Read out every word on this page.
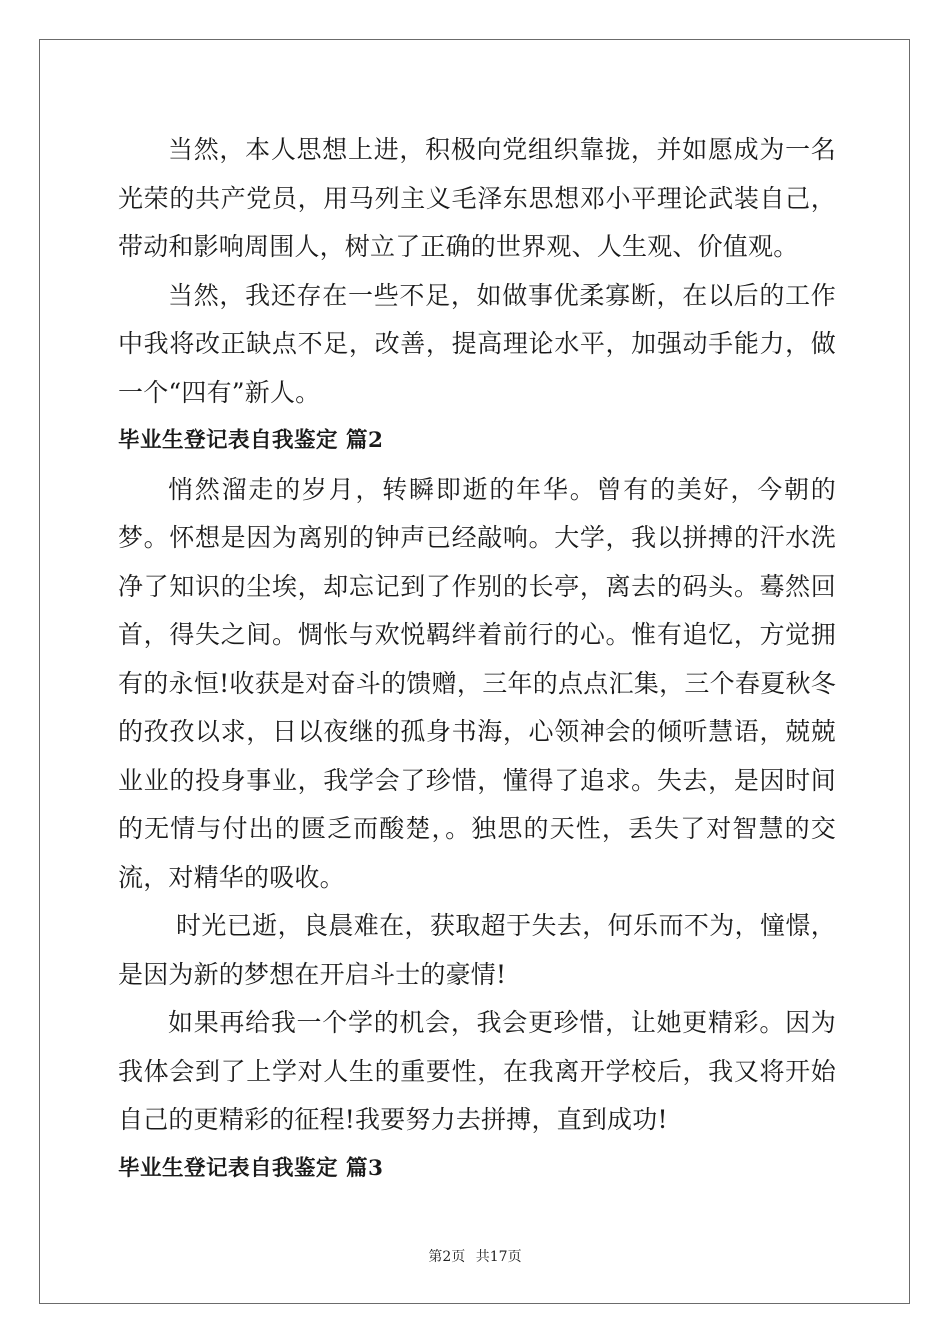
当然，本人思想上进，积极向党组织靠拢，并如愿成为一名光荣的共产党员，用马列主义毛泽东思想邓小平理论武装自己，带动和影响周围人，树立了正确的世界观、人生观、价值观。

当然，我还存在一些不足，如做事优柔寡断，在以后的工作中我将改正缺点不足，改善，提高理论水平，加强动手能力，做一个“四有”新人。

毕业生登记表自我鉴定 篇2

悄然溜走的岁月，转瞬即逝的年华。曾有的美好，今朝的梦。怀想是因为离别的钟声已经敲响。大学，我以拼搏的汗水洗净了知识的尘埃，却忘记到了作别的长亭，离去的码头。蓦然回首，得失之间。惆怅与欢悦羁绊着前行的心。惟有追忆，方觉拥有的永恒!收获是对奋斗的馈赠，三年的点点汇集，三个春夏秋冬的孜孜以求，日以夜继的孤身书海，心领神会的倾听慧语，兢兢业业的投身事业，我学会了珍惜，懂得了追求。失去，是因时间的无情与付出的匮乏而酸楚，。独思的天性，丢失了对智慧的交流，对精华的吸收。

时光已逝，良晨难在，获取超于失去，何乐而不为，憧憬，是因为新的梦想在开启斗士的豪情!

如果再给我一个学的机会，我会更珍惜，让她更精彩。因为我体会到了上学对人生的重要性，在我离开学校后，我又将开始自己的更精彩的征程!我要努力去拼搏，直到成功!

毕业生登记表自我鉴定 篇3
第2页 共17页
